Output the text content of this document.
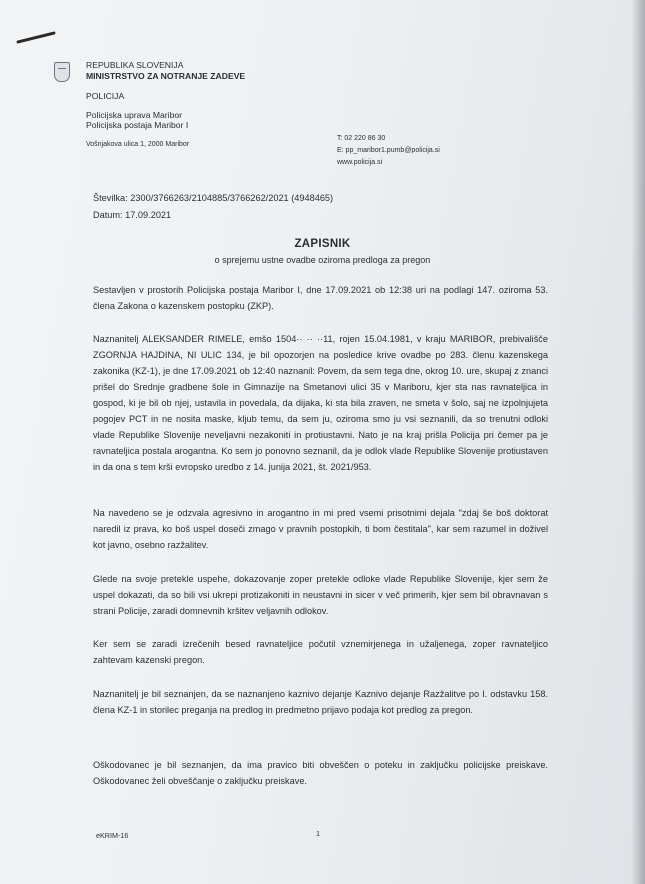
REPUBLIKA SLOVENIJA
MINISTRSTVO ZA NOTRANJE ZADEVE
POLICIJA
Policijska uprava Maribor
Policijska postaja Maribor I
Vošnjakova ulica 1, 2000 Maribor
T: 02 220 86 30
E: pp_maribor1.pumb@policija.si
www.policija.si
Številka: 2300/3766263/2104885/3766262/2021 (4948465)
Datum: 17.09.2021
ZAPISNIK
o sprejemu ustne ovadbe oziroma predloga za pregon
Sestavljen v prostorih Policijska postaja Maribor I, dne 17.09.2021 ob 12:38 uri na podlagi 147. oziroma 53. člena Zakona o kazenskem postopku (ZKP).
Naznanitelj ALEKSANDER RIMELE, emšo 1504·· ·· ··11, rojen 15.04.1981, v kraju MARIBOR, prebivališče ZGORNJA HAJDINA, NI ULIC 134, je bil opozorjen na posledice krive ovadbe po 283. členu kazenskega zakonika (KZ-1), je dne 17.09.2021 ob 12:40 naznanil: Povem, da sem tega dne, okrog 10. ure, skupaj z znanci prišel do Srednje gradbene šole in Gimnazije na Smetanovi ulici 35 v Mariboru, kjer sta nas ravnateljica in gospod, ki je bil ob njej, ustavila in povedala, da dijaka, ki sta bila zraven, ne smeta v šolo, saj ne izpolnjujeta pogojev PCT in ne nosita maske, kljub temu, da sem ju, oziroma smo ju vsi seznanili, da so trenutni odloki vlade Republike Slovenije neveljavni nezakoniti in protiustavni. Nato je na kraj prišla Policija pri čemer pa je ravnateljica postala arogantna. Ko sem jo ponovno seznanil, da je odlok vlade Republike Slovenije protiustaven in da ona s tem krši evropsko uredbo z 14. junija 2021, št. 2021/953.
Na navedeno se je odzvala agresivno in arogantno in mi pred vsemi prisotnimi dejala "zdaj še boš doktorat naredil iz prava, ko boš uspel doseči zmago v pravnih postopkih, ti bom čestitala", kar sem razumel in doživel kot javno, osebno razžalitev.
Glede na svoje pretekle uspehe, dokazovanje zoper pretekle odloke vlade Republike Slovenije, kjer sem že uspel dokazati, da so bili vsi ukrepi protizakoniti in neustavni in sicer v več primerih, kjer sem bil obravnavan s strani Policije, zaradi domnevnih kršitev veljavnih odlokov.
Ker sem se zaradi izrečenih besed ravnateljice počutil vznemirjenega in užaljenega, zoper ravnateljico zahtevam kazenski pregon.
Naznanitelj je bil seznanjen, da se naznanjeno kaznivo dejanje Kaznivo dejanje Razžalitve po I. odstavku 158. člena KZ-1 in storilec preganja na predlog in predmetno prijavo podaja kot predlog za pregon.
Oškodovanec je bil seznanjen, da ima pravico biti obveščen o poteku in zaključku policijske preiskave. Oškodovanec želi obveščanje o zaključku preiskave.
eKRIM-16	1
